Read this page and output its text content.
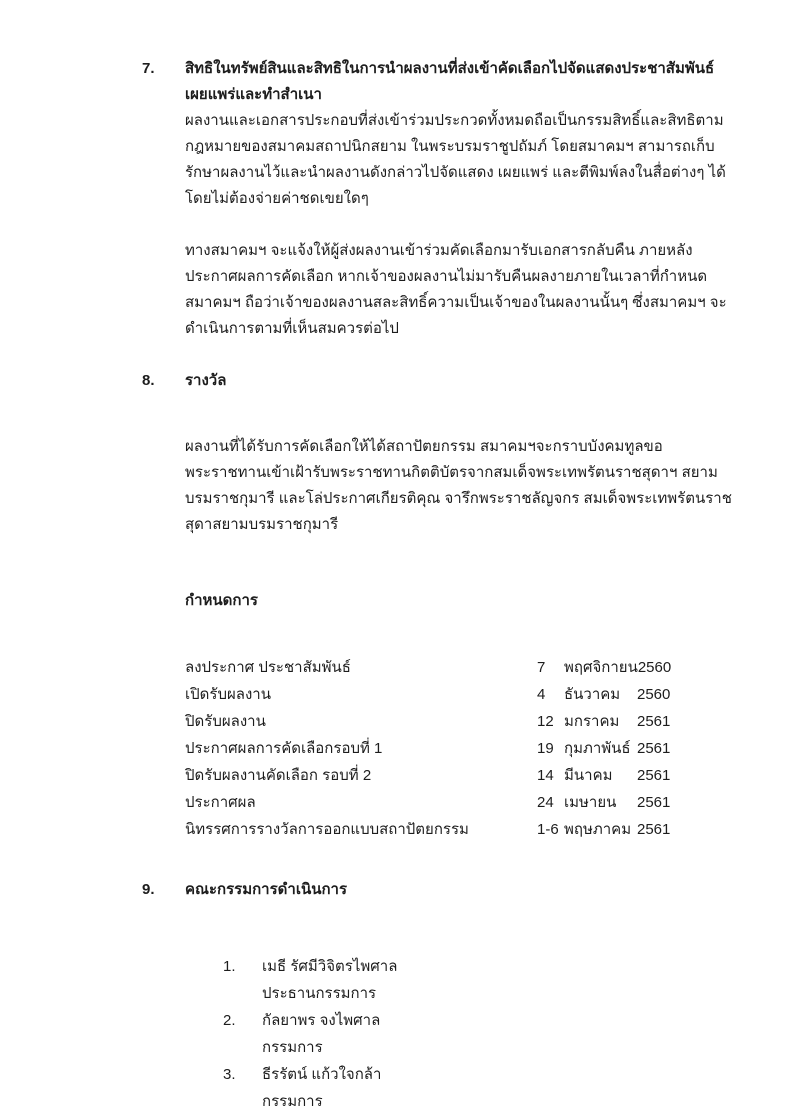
7.	สิทธิในทรัพย์สินและสิทธิในการนำผลงานที่ส่งเข้าคัดเลือกไปจัดแสดงประชาสัมพันธ์เผยแพร่และทำสำเนา

ผลงานและเอกสารประกอบที่ส่งเข้าร่วมประกวดทั้งหมดถือเป็นกรรมสิทธิ์และสิทธิตามกฎหมายของสมาคมสถาปนิกสยาม ในพระบรมราชูปถัมภ์ โดยสมาคมฯ สามารถเก็บรักษาผลงานไว้และนำผลงานดังกล่าวไปจัดแสดง เผยแพร่ และตีพิมพ์ลงในสื่อต่างๆ ได้ โดยไม่ต้องจ่ายค่าชดเขยใดๆ

ทางสมาคมฯ จะแจ้งให้ผู้ส่งผลงานเข้าร่วมคัดเลือกมารับเอกสารกลับคืน ภายหลังประกาศผลการคัดเลือก หากเจ้าของผลงานไม่มารับคืนผลงายภายในเวลาที่กำหนด สมาคมฯ ถือว่าเจ้าของผลงานสละสิทธิ์ความเป็นเจ้าของในผลงานนั้นๆ ซึ่งสมาคมฯ จะดำเนินการตามที่เห็นสมควรต่อไป

8.	รางวัล

ผลงานที่ได้รับการคัดเลือกให้ได้สถาปัตยกรรม สมาคมฯจะกราบบังคมทูลขอพระราชทานเข้าเฝ้ารับพระราชทานกิตติบัตรจากสมเด็จพระเทพรัตนราชสุดาฯ สยามบรมราชกุมารี และโล่ประกาศเกียรติคุณ จารึกพระราชลัญจกร สมเด็จพระเทพรัตนราชสุดาสยามบรมราชกุมารี

กำหนดการ
ลงประกาศ ประชาสัมพันธ์	7	พฤศจิกายน 2560
เปิดรับผลงาน	4	ธันวาคม	2560
ปิดรับผลงาน	12 มกราคม	2561
ประกาศผลการคัดเลือกรอบที่ 1	19 กุมภาพันธ์ 2561
ปิดรับผลงานคัดเลือก รอบที่ 2	14 มีนาคม	2561
ประกาศผล	24 เมษายน	2561
นิทรรศการรางวัลการออกแบบสถาปัตยกรรม	1-6 พฤษภาคม 2561
9.	คณะกรรมการดำเนินการ
1.	เมธี รัศมีวิจิตรไพศาล
ประธานกรรมการ
2.	กัลยาพร จงไพศาล
กรรมการ
3.	ธีรรัตน์ แก้วใจกล้า
กรรมการ
